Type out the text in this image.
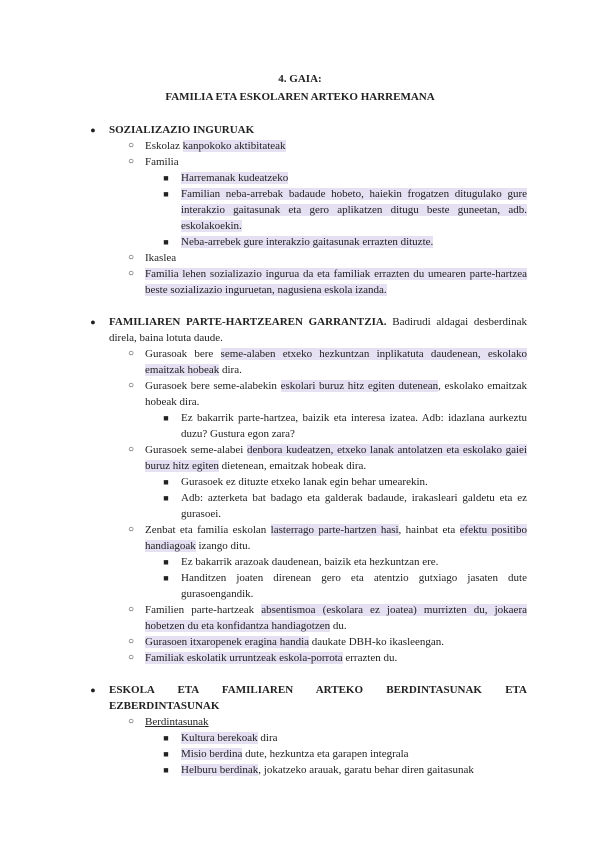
4. GAIA:
FAMILIA ETA ESKOLAREN ARTEKO HARREMANA
● SOZIALIZAZIO INGURUAK
○ Eskolaz kanpokoko aktibitateak
○ Familia
■ Harremanak kudeatzeko
■ Familian neba-arrebak badaude hobeto, haiekin frogatzen ditugulako gure interakzio gaitasunak eta gero aplikatzen ditugu beste guneetan, adb. eskolakoekin.
■ Neba-arrebek gure interakzio gaitasunak errazten dituzte.
○ Ikaslea
○ Familia lehen sozializazio ingurua da eta familiak errazten du umearen parte-hartzea beste sozializazio inguruetan, nagusiena eskola izanda.
● FAMILIAREN PARTE-HARTZEAREN GARRANTZIA. Badirudi aldagai desberdinak direla, baina lotuta daude.
○ Gurasoak bere seme-alaben etxeko hezkuntzan inplikatuta daudenean, eskolako emaitzak hobeak dira.
○ Gurasoek bere seme-alabekin eskolari buruz hitz egiten dutenean, eskolako emaitzak hobeak dira.
■ Ez bakarrik parte-hartzea, baizik eta interesa izatea. Adb: idazlana aurkeztu duzu? Gustura egon zara?
○ Gurasoek seme-alabei denbora kudeatzen, etxeko lanak antolatzen eta eskolako gaiei buruz hitz egiten dietenean, emaitzak hobeak dira.
■ Gurasoek ez dituzte etxeko lanak egin behar umearekin.
■ Adb: azterketa bat badago eta galderak badaude, irakasleari galdetu eta ez gurasoei.
○ Zenbat eta familia eskolan lasterrago parte-hartzen hasi, hainbat eta efektu positibo handiagoak izango ditu.
■ Ez bakarrik arazoak daudenean, baizik eta hezkuntzan ere.
■ Handitzen joaten direnean gero eta atentzio gutxiago jasaten dute gurasoengandik.
○ Familien parte-hartzeak absentismoa (eskolara ez joatea) murrizten du, jokaera hobetzen du eta konfidantza handiagotzen du.
○ Gurasoen itxaropenek eragina handia daukate DBH-ko ikasleengan.
○ Familiak eskolatik urruntzeak eskola-porrota errazten du.
● ESKOLA ETA FAMILIAREN ARTEKO BERDINTASUNAK ETA
EZBERDINTASUNAK
○ Berdintasunak
■ Kultura berekoak dira
■ Misio berdina dute, hezkuntza eta garapen integrala
■ Helburu berdinak, jokatzeko arauak, garatu behar diren gaitasunak
